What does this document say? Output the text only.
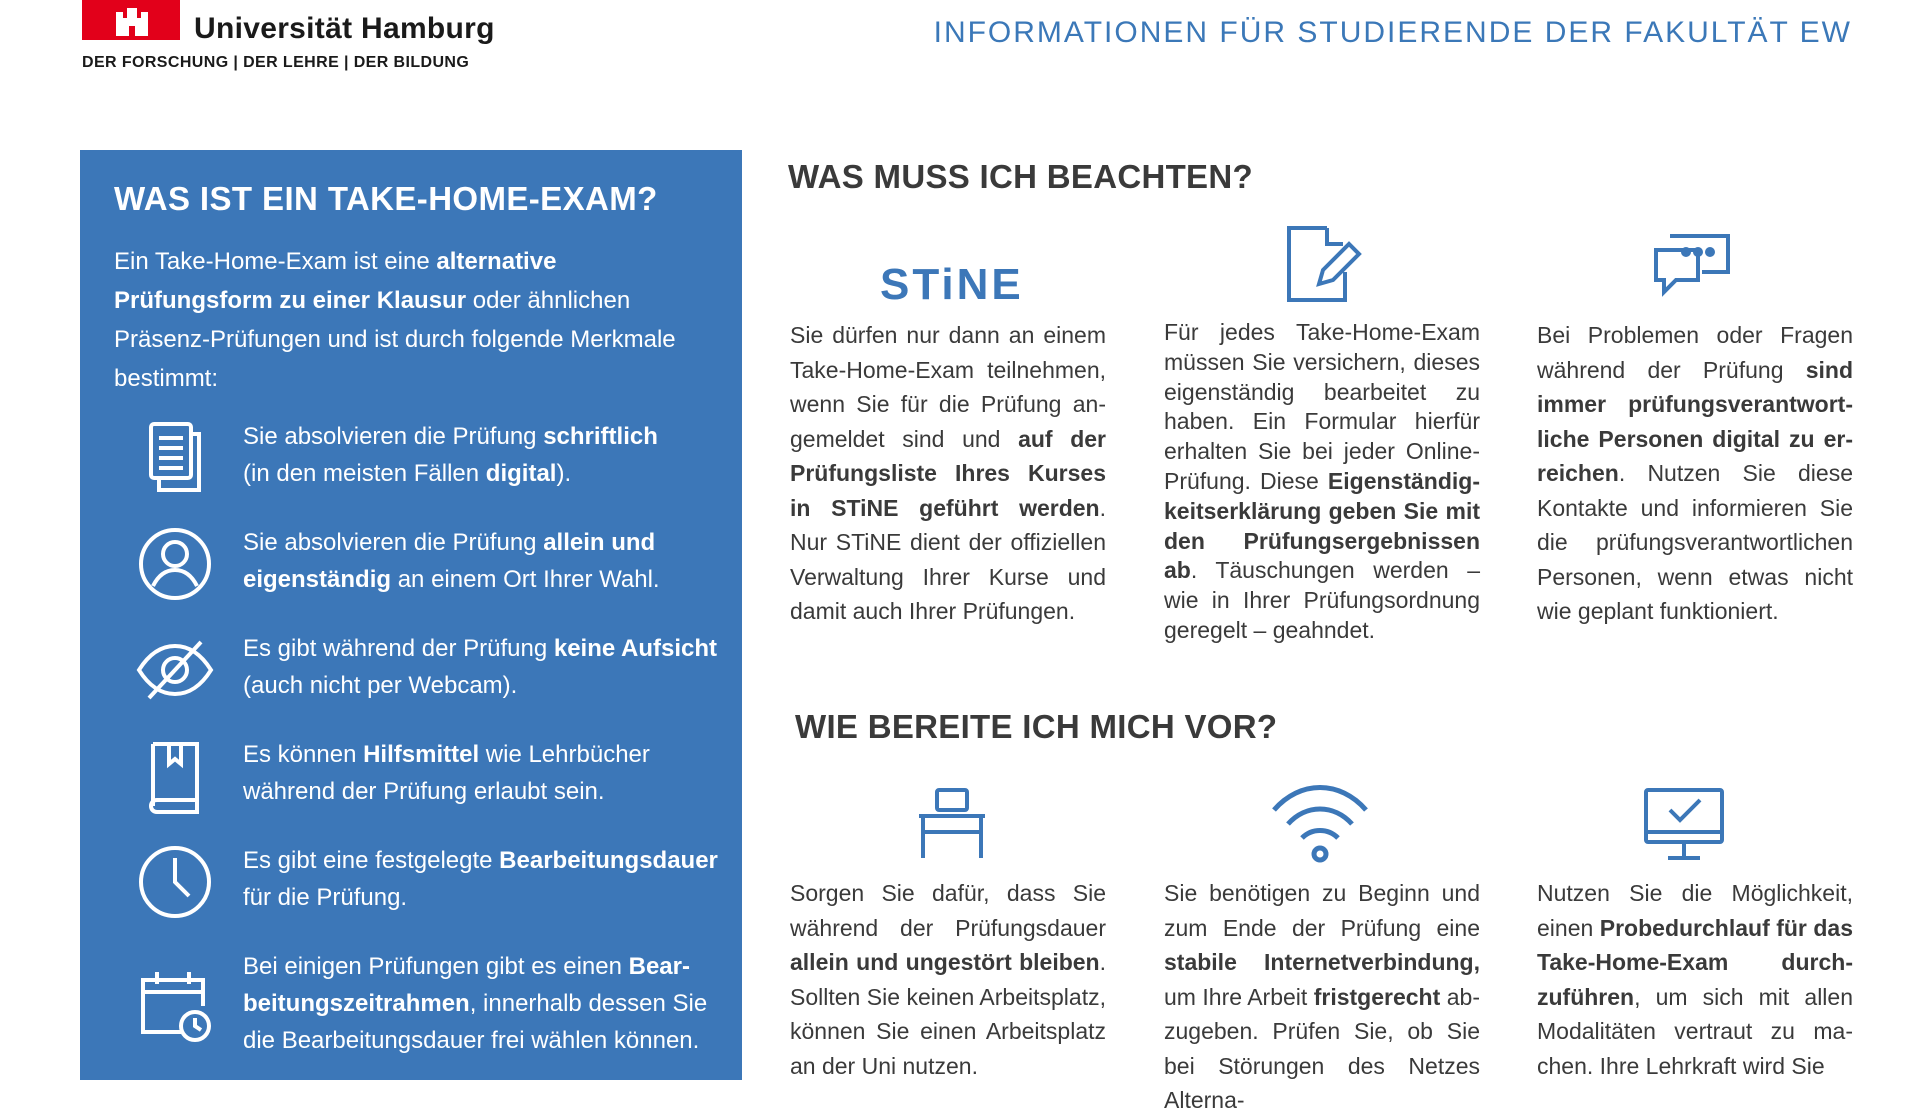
Universität Hamburg
DER FORSCHUNG | DER LEHRE | DER BILDUNG
INFORMATIONEN FÜR STUDIERENDE DER FAKULTÄT EW
WAS IST EIN TAKE-HOME-EXAM?
Ein Take-Home-Exam ist eine alternative Prüfungsform zu einer Klausur oder ähnlichen Präsenz-Prüfungen und ist durch folgende Merkmale bestimmt:
Sie absolvieren die Prüfung schriftlich
(in den meisten Fällen digital).
Sie absolvieren die Prüfung allein und eigenständig an einem Ort Ihrer Wahl.
Es gibt während der Prüfung keine Aufsicht
(auch nicht per Webcam).
Es können Hilfsmittel wie Lehrbücher während der Prüfung erlaubt sein.
Es gibt eine festgelegte Bearbeitungsdauer
für die Prüfung.
Bei einigen Prüfungen gibt es einen Bearbeitungszeitrahmen, innerhalb dessen Sie die Bearbeitungsdauer frei wählen können.
WAS MUSS ICH BEACHTEN?
STiNE
Sie dürfen nur dann an einem Take-Home-Exam teilnehmen, wenn Sie für die Prüfung angemeldet sind und auf der Prüfungsliste Ihres Kurses in STiNE geführt werden. Nur STiNE dient der offiziellen Verwaltung Ihrer Kurse und damit auch Ihrer Prüfungen.
Für jedes Take-Home-Exam müssen Sie versichern, dieses eigenständig bearbeitet zu haben. Ein Formular hierfür erhalten Sie bei jeder Online-Prüfung. Diese Eigenständigkeitserklärung geben Sie mit den Prüfungsergebnissen ab. Täuschungen werden – wie in Ihrer Prüfungsordnung geregelt – geahndet.
Bei Problemen oder Fragen während der Prüfung sind immer prüfungsverantwortliche Personen digital zu erreichen. Nutzen Sie diese Kontakte und informieren Sie die prüfungsverantwortlichen Personen, wenn etwas nicht wie geplant funktioniert.
WIE BEREITE ICH MICH VOR?
Sorgen Sie dafür, dass Sie während der Prüfungsdauer allein und ungestört bleiben. Sollten Sie keinen Arbeitsplatz, können Sie einen Arbeitsplatz an der Uni nutzen.
Sie benötigen zu Beginn und zum Ende der Prüfung eine stabile Internetverbindung, um Ihre Arbeit fristgerecht abzugeben. Prüfen Sie, ob Sie bei Störungen des Netzes Alterna-
Nutzen Sie die Möglichkeit, einen Probedurchlauf für das Take-Home-Exam durchzuführen, um sich mit allen Modalitäten vertraut zu machen. Ihre Lehrkraft wird Sie
